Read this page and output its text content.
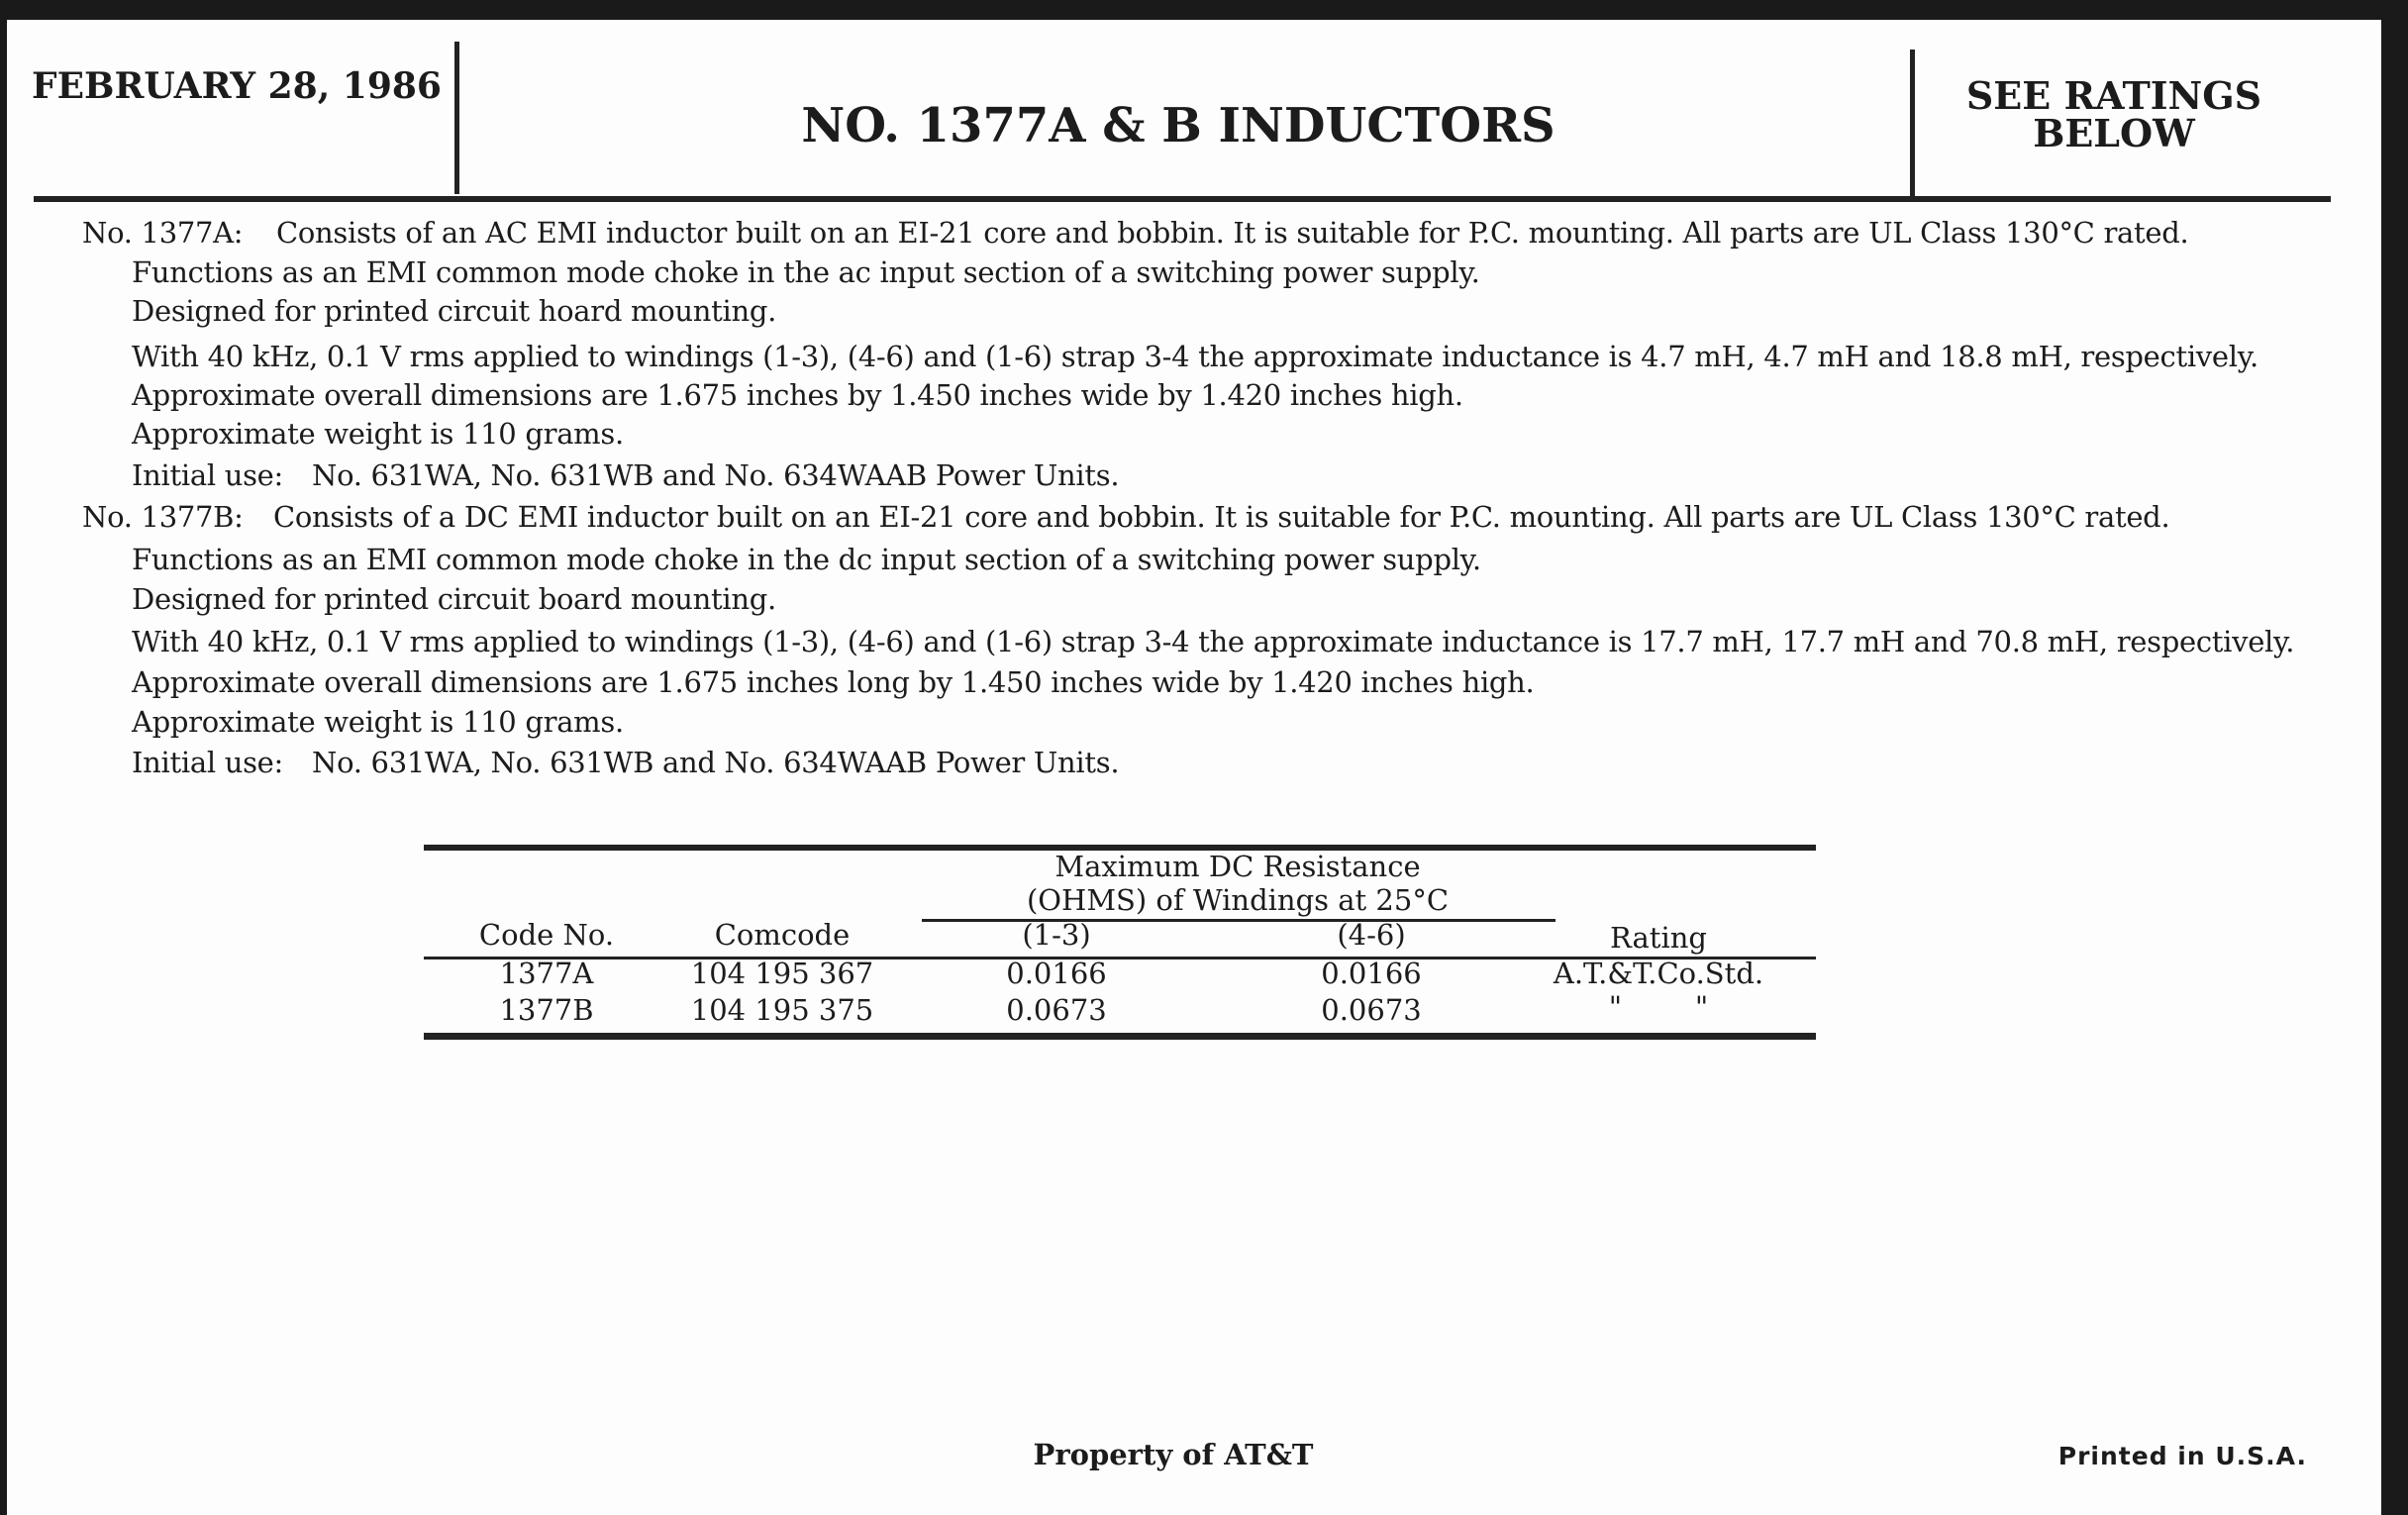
FEBRUARY 28, 1986
NO. 1377A & B INDUCTORS
SEE RATINGS BELOW
No. 1377A: Consists of an AC EMI inductor built on an EI-21 core and bobbin. It is suitable for P.C. mounting. All parts are UL Class 130°C rated.
Functions as an EMI common mode choke in the ac input section of a switching power supply.
Designed for printed circuit hoard mounting.
With 40 kHz, 0.1 V rms applied to windings (1-3), (4-6) and (1-6) strap 3-4 the approximate inductance is 4.7 mH, 4.7 mH and 18.8 mH, respectively.
Approximate overall dimensions are 1.675 inches by 1.450 inches wide by 1.420 inches high.
Approximate weight is 110 grams.
Initial use: No. 631WA, No. 631WB and No. 634WAAB Power Units.
No. 1377B: Consists of a DC EMI inductor built on an EI-21 core and bobbin. It is suitable for P.C. mounting. All parts are UL Class 130°C rated.
Functions as an EMI common mode choke in the dc input section of a switching power supply.
Designed for printed circuit board mounting.
With 40 kHz, 0.1 V rms applied to windings (1-3), (4-6) and (1-6) strap 3-4 the approximate inductance is 17.7 mH, 17.7 mH and 70.8 mH, respectively.
Approximate overall dimensions are 1.675 inches long by 1.450 inches wide by 1.420 inches high.
Approximate weight is 110 grams.
Initial use: No. 631WA, No. 631WB and No. 634WAAB Power Units.
Maximum DC Resistance
(OHMS) of Windings at 25°C
Code No.	Comcode	(1-3)	(4-6)	Rating
1377A	104 195 367	0.0166	0.0166	A.T.&T.Co.Std.
1377B	104 195 375	0.0673	0.0673	"        "
Property of AT&T	Printed in U.S.A.
